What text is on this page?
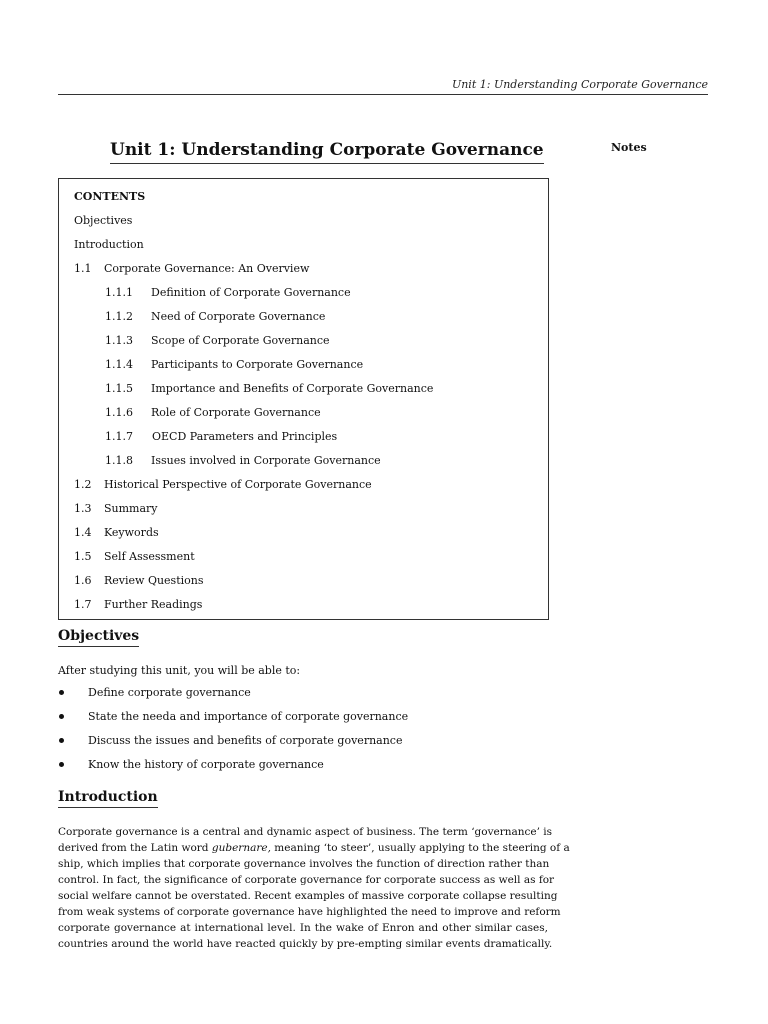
Unit 1: Understanding Corporate Governance
Unit 1: Understanding Corporate Governance	Notes
CONTENTS
Objectives
Introduction
1.1 Corporate Governance: An Overview
1.1.1 Definition of Corporate Governance
1.1.2 Need of Corporate Governance
1.1.3 Scope of Corporate Governance
1.1.4 Participants to Corporate Governance
1.1.5 Importance and Benefits of Corporate Governance
1.1.6 Role of Corporate Governance
1.1.7 OECD Parameters and Principles
1.1.8 Issues involved in Corporate Governance
1.2 Historical Perspective of Corporate Governance
1.3 Summary
1.4 Keywords
1.5 Self Assessment
1.6 Review Questions
1.7 Further Readings
Objectives
After studying this unit, you will be able to:
Define corporate governance
State the needa and importance of corporate governance
Discuss the issues and benefits of corporate governance
Know the history of corporate governance
Introduction
Corporate governance is a central and dynamic aspect of business. The term ‘governance’ is
derived from the Latin word gubernare, meaning ‘to steer’, usually applying to the steering of a
ship, which implies that corporate governance involves the function of direction rather than
control. In fact, the significance of corporate governance for corporate success as well as for
social welfare cannot be overstated. Recent examples of massive corporate collapse resulting
from weak systems of corporate governance have highlighted the need to improve and reform
corporate governance at international level. In the wake of Enron and other similar cases,
countries around the world have reacted quickly by pre-empting similar events dramatically.
